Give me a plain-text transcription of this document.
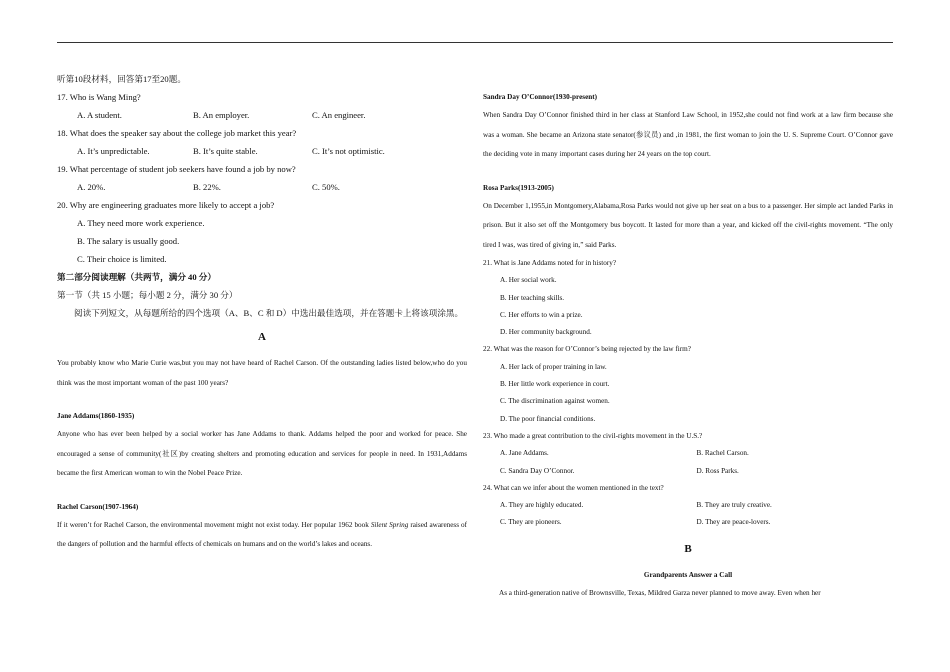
听第10段材料，回答第17至20题。
17. Who is Wang Ming?
A. A student.	B. An employer.	C. An engineer.
18. What does the speaker say about the college job market this year?
A. It’s unpredictable.	B. It’s quite stable.	C. It’s not optimistic.
19. What percentage of student job seekers have found a job by now?
A. 20%.	B. 22%.	C. 50%.
20. Why are engineering graduates more likely to accept a job?
A. They need more work experience.
B. The salary is usually good.
C. Their choice is limited.
第二部分阅读理解（共两节，满分 40 分）
第一节（共 15 小题；每小题 2 分，满分 30 分）
阅读下列短文，从每题所给的四个选项（A、B、C 和 D）中选出最佳选项，并在答题卡上将该项涂黑。
A
You probably know who Marie Curie was,but you may not have heard of Rachel Carson. Of the outstanding ladies listed below,who do you think was the most important woman of the past 100 years?
Jane Addams(1860-1935)
Anyone who has ever been helped by a social worker has Jane Addams to thank. Addams helped the poor and worked for peace. She encouraged a sense of community(社区)by creating shelters and promoting education and services for people in need. In 1931,Addams became the first American woman to win the Nobel Peace Prize.
Rachel Carson(1907-1964)
If it weren’t for Rachel Carson, the environmental movement might not exist today. Her popular 1962 book Silent Spring raised awareness of the dangers of pollution and the harmful effects of chemicals on humans and on the world’s lakes and oceans.
Sandra Day O’Connor(1930-present)
When Sandra Day O’Connor finished third in her class at Stanford Law School, in 1952,she could not find work at a law firm because she was a woman. She became an Arizona state senator(参议员) and ,in 1981, the first woman to join the U. S. Supreme Court. O’Connor gave the deciding vote in many important cases during her 24 years on the top court.
Rosa Parks(1913-2005)
On December 1,1955,in Montgomery,Alabama,Rosa Parks would not give up her seat on a bus to a passenger. Her simple act landed Parks in prison. But it also set off the Montgomery bus boycott. It lasted for more than a year, and kicked off the civil-rights movement. “The only tired I was, was tired of giving in,” said Parks.
21. What is Jane Addams noted for in history?
A. Her social work.
B. Her teaching skills.
C. Her efforts to win a prize.
D. Her community background.
22. What was the reason for O’Connor’s being rejected by the law firm?
A. Her lack of proper training in law.
B. Her little work experience in court.
C. The discrimination against women.
D. The poor financial conditions.
23. Who made a great contribution to the civil-rights movement in the U.S.?
A. Jane Addams.	B. Rachel Carson.
C. Sandra Day O’Connor.	D. Ross Parks.
24. What can we infer about the women mentioned in the text?
A. They are highly educated.	B. They are truly creative.
C. They are pioneers.	D. They are peace-lovers.
B
Grandparents Answer a Call
As a third-generation native of Brownsville, Texas, Mildred Garza never planned to move away. Even when her
